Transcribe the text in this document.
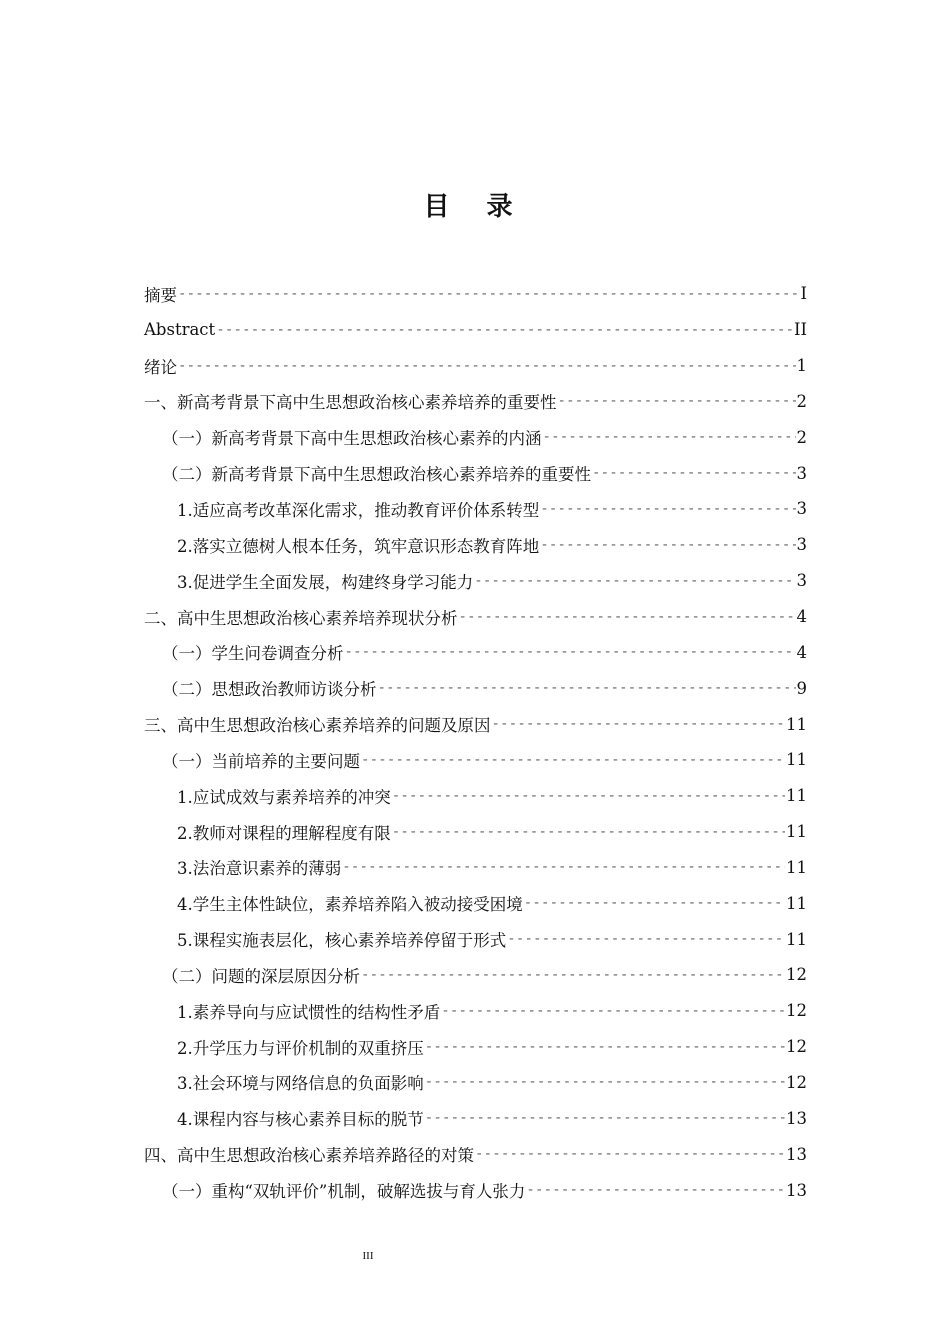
目 录
摘要 -----	I
Abstract -----	II
绪论 -----	1
一、新高考背景下高中生思想政治核心素养培养的重要性 -----	2
（一）新高考背景下高中生思想政治核心素养的内涵 -----	2
（二）新高考背景下高中生思想政治核心素养培养的重要性 -----	3
1.适应高考改革深化需求，推动教育评价体系转型 -----	3
2.落实立德树人根本任务，筑牢意识形态教育阵地 -----	3
3.促进学生全面发展，构建终身学习能力 -----	3
二、高中生思想政治核心素养培养现状分析 -----	4
（一）学生问卷调查分析 -----	4
（二）思想政治教师访谈分析 -----	9
三、高中生思想政治核心素养培养的问题及原因 -----	11
（一）当前培养的主要问题 -----	11
1.应试成效与素养培养的冲突 -----	11
2.教师对课程的理解程度有限 -----	11
3.法治意识素养的薄弱 -----	11
4.学生主体性缺位，素养培养陷入被动接受困境 -----	11
5.课程实施表层化，核心素养培养停留于形式 -----	11
（二）问题的深层原因分析 -----	12
1.素养导向与应试惯性的结构性矛盾 -----	12
2.升学压力与评价机制的双重挤压 -----	12
3.社会环境与网络信息的负面影响 -----	12
4.课程内容与核心素养目标的脱节 -----	13
四、高中生思想政治核心素养培养路径的对策 -----	13
（一）重构“双轨评价”机制，破解选拔与育人张力 -----	13
III
